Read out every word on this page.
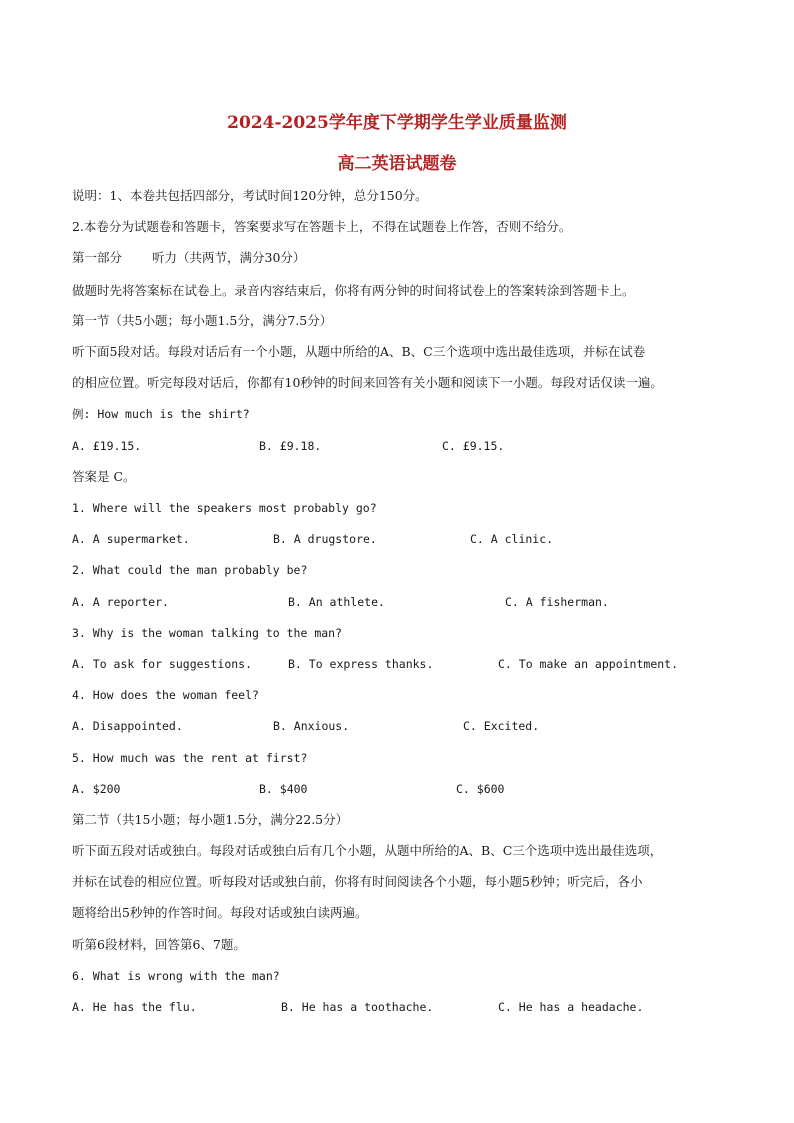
2024-2025学年度下学期学生学业质量监测
高二英语试题卷
说明：1、本卷共包括四部分，考试时间120分钟，总分150分。
2.本卷分为试题卷和答题卡，答案要求写在答题卡上，不得在试题卷上作答，否则不给分。
第一部分 听力（共两节，满分30分）
做题时先将答案标在试卷上。录音内容结束后，你将有两分钟的时间将试卷上的答案转涂到答题卡上。
第一节（共5小题；每小题1.5分，满分7.5分）
听下面5段对话。每段对话后有一个小题，从题中所给的A、B、C三个选项中选出最佳选项，并标在试卷
的相应位置。听完每段对话后，你都有10秒钟的时间来回答有关小题和阅读下一小题。每段对话仅读一遍。
例: How much is the shirt?
A. £19.15.	B. £9.18.	C. £9.15.
答案是 C。
1. Where will the speakers most probably go?
A. A supermarket.	B. A drugstore.	C. A clinic.
2. What could the man probably be?
A. A reporter.	B. An athlete.	C. A fisherman.
3. Why is the woman talking to the man?
A. To ask for suggestions.	B. To express thanks.	C. To make an appointment.
4. How does the woman feel?
A. Disappointed.	B. Anxious.	C. Excited.
5. How much was the rent at first?
A. $200	B. $400	C. $600
第二节（共15小题；每小题1.5分，满分22.5分）
听下面五段对话或独白。每段对话或独白后有几个小题，从题中所给的A、B、C三个选项中选出最佳选项，
并标在试卷的相应位置。听每段对话或独白前，你将有时间阅读各个小题，每小题5秒钟；听完后，各小
题将给出5秒钟的作答时间。每段对话或独白读两遍。
听第6段材料，回答第6、7题。
6. What is wrong with the man?
A. He has the flu.	B. He has a toothache.	C. He has a headache.
